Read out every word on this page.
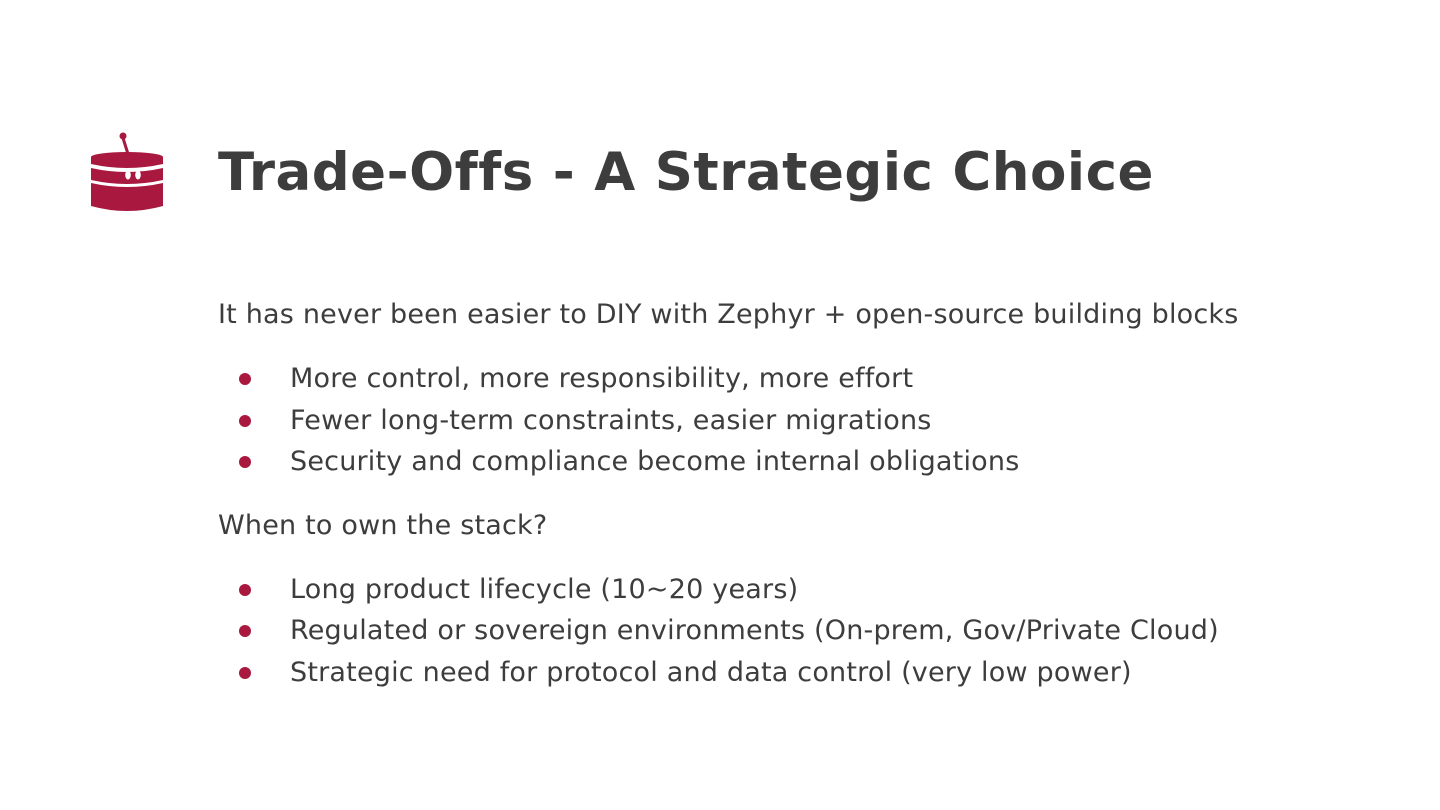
Trade-Offs - A Strategic Choice

It has never been easier to DIY with Zephyr + open-source building blocks

More control, more responsibility, more effort
Fewer long-term constraints, easier migrations
Security and compliance become internal obligations

When to own the stack?

Long product lifecycle (10~20 years)
Regulated or sovereign environments (On-prem, Gov/Private Cloud)
Strategic need for protocol and data control (very low power)
